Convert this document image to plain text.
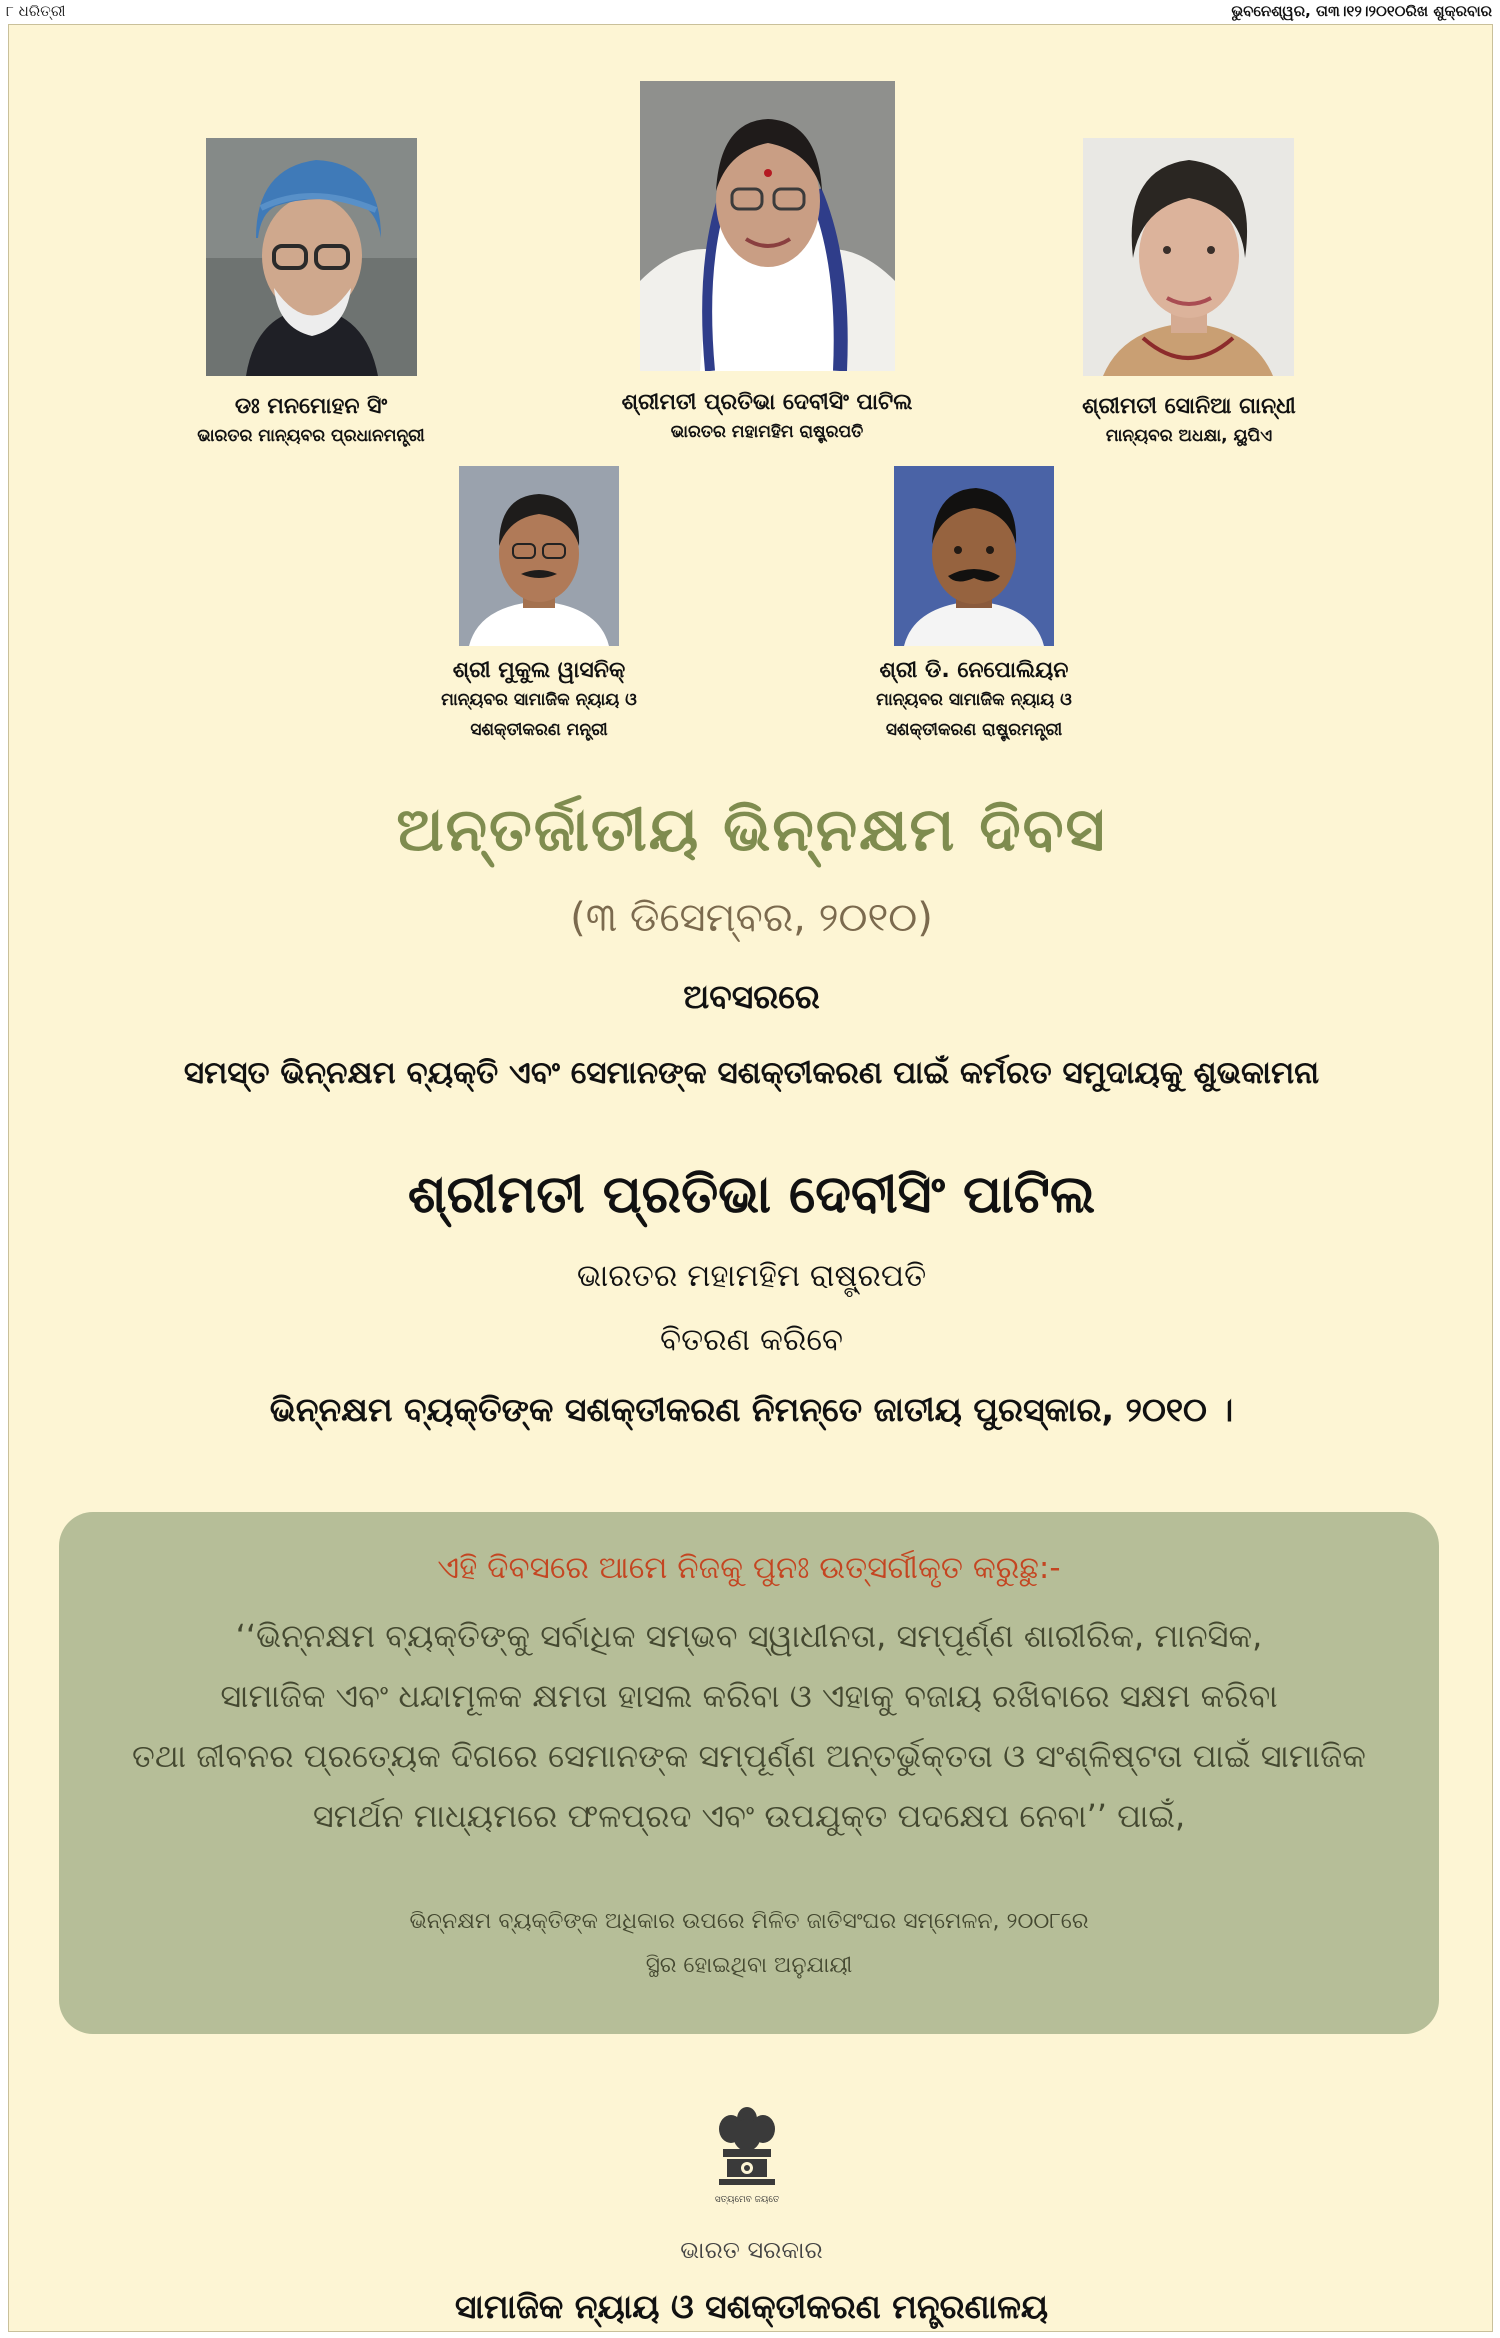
୮ ଧରିତ୍ରୀ	ଭୁବନେଶ୍ୱର, ତା୩।୧୨।୨୦୧୦ରିଖ ଶୁକ୍ରବାର
ଡଃ ମନମୋହନ ସିଂ
ଭାରତର ମାନ୍ୟବର ପ୍ରଧାନମନ୍ତ୍ରୀ
ଶ୍ରୀମତୀ ପ୍ରତିଭା ଦେବୀସିଂ ପାଟିଲ
ଭାରତର ମହାମହିମ ରାଷ୍ଟ୍ରପତି
ଶ୍ରୀମତୀ ସୋନିଆ ଗାନ୍ଧୀ
ମାନ୍ୟବର ଅଧକ୍ଷା, ୟୁପିଏ
ଶ୍ରୀ ମୁକୁଲ ୱାସନିକ୍
ମାନ୍ୟବର ସାମାଜିକ ନ୍ୟାୟ ଓ
ସଶକ୍ତୀକରଣ ମନ୍ତ୍ରୀ
ଶ୍ରୀ ଡି. ନେପୋଲିୟନ
ମାନ୍ୟବର ସାମାଜିକ ନ୍ୟାୟ ଓ
ସଶକ୍ତୀକରଣ ରାଷ୍ଟ୍ରମନ୍ତ୍ରୀ
ଅନ୍ତର୍ଜାତୀୟ ଭିନ୍ନକ୍ଷମ ଦିବସ
(୩ ଡିସେମ୍ବର, ୨୦୧୦)
ଅବସରରେ
ସମସ୍ତ ଭିନ୍ନକ୍ଷମ ବ୍ୟକ୍ତି ଏବଂ ସେମାନଙ୍କ ସଶକ୍ତୀକରଣ ପାଇଁ କର୍ମରତ ସମୁଦାୟକୁ ଶୁଭକାମନା
ଶ୍ରୀମତୀ ପ୍ରତିଭା ଦେବୀସିଂ ପାଟିଲ
ଭାରତର ମହାମହିମ ରାଷ୍ଟ୍ରପତି
ବିତରଣ କରିବେ
ଭିନ୍ନକ୍ଷମ ବ୍ୟକ୍ତିଙ୍କ ସଶକ୍ତୀକରଣ ନିମନ୍ତେ ଜାତୀୟ ପୁରସ୍କାର, ୨୦୧୦ ।
ଏହି ଦିବସରେ ଆମେ ନିଜକୁ ପୁନଃ ଉତ୍ସର୍ଗୀକୃତ କରୁଛୁ:-
‘‘ଭିନ୍ନକ୍ଷମ ବ୍ୟକ୍ତିଙ୍କୁ ସର୍ବାଧିକ ସମ୍ଭବ ସ୍ୱାଧୀନତା, ସମ୍ପୂର୍ଣ୍ଣ ଶାରୀରିକ, ମାନସିକ,
ସାମାଜିକ ଏବଂ ଧନ୍ଦାମୂଳକ କ୍ଷମତା ହାସଲ କରିବା ଓ ଏହାକୁ ବଜାୟ ରଖିବାରେ ସକ୍ଷମ କରିବା
ତଥା ଜୀବନର ପ୍ରତ୍ୟେକ ଦିଗରେ ସେମାନଙ୍କ ସମ୍ପୂର୍ଣ୍ଣ ଅନ୍ତର୍ଭୁକ୍ତତା ଓ ସଂଶ୍ଳିଷ୍ଟତା ପାଇଁ ସାମାଜିକ
ସମର୍ଥନ ମାଧ୍ୟମରେ ଫଳପ୍ରଦ ଏବଂ ଉପଯୁକ୍ତ ପଦକ୍ଷେପ ନେବା’’ ପାଇଁ,
ଭିନ୍ନକ୍ଷମ ବ୍ୟକ୍ତିଙ୍କ ଅଧିକାର ଉପରେ ମିଳିତ ଜାତିସଂଘର ସମ୍ମେଳନ, ୨୦୦୮ରେ
ସ୍ଥିର ହୋଇଥିବା ଅନୁଯାୟୀ
ସତ୍ୟମେବ ଜୟତେ
ଭାରତ ସରକାର
ସାମାଜିକ ନ୍ୟାୟ ଓ ସଶକ୍ତୀକରଣ ମନ୍ତ୍ରଣାଳୟ
